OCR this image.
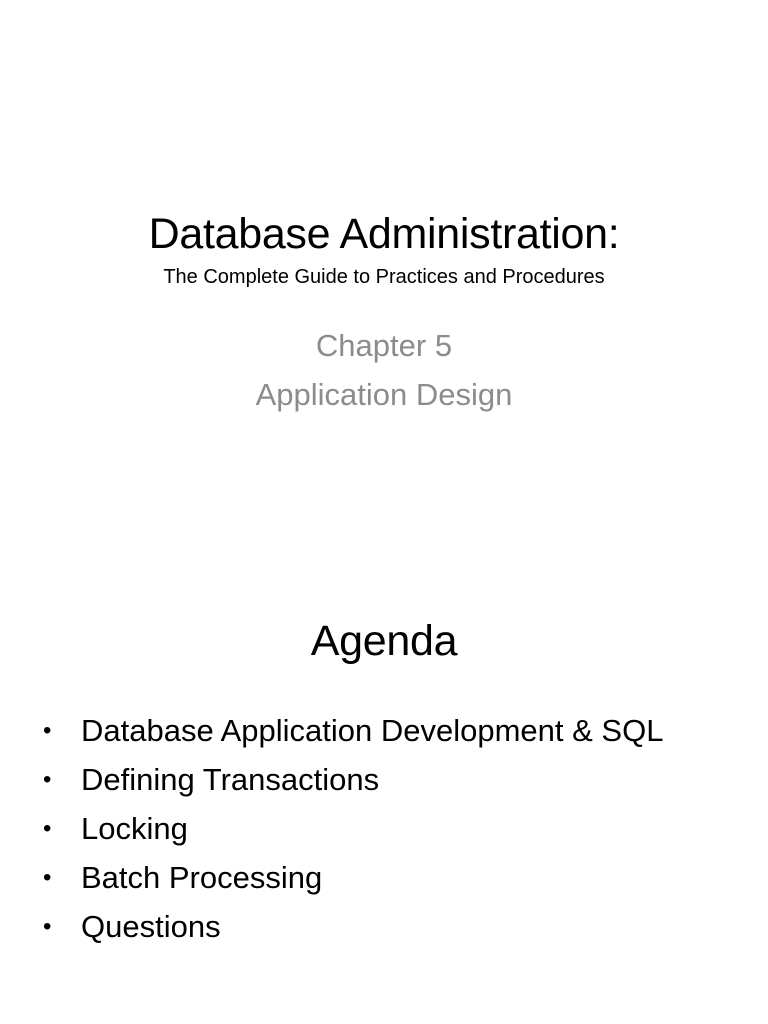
Database Administration:
The Complete Guide to Practices and Procedures
Chapter 5
Application Design
Agenda
• Database Application Development & SQL
• Defining Transactions
• Locking
• Batch Processing
• Questions
